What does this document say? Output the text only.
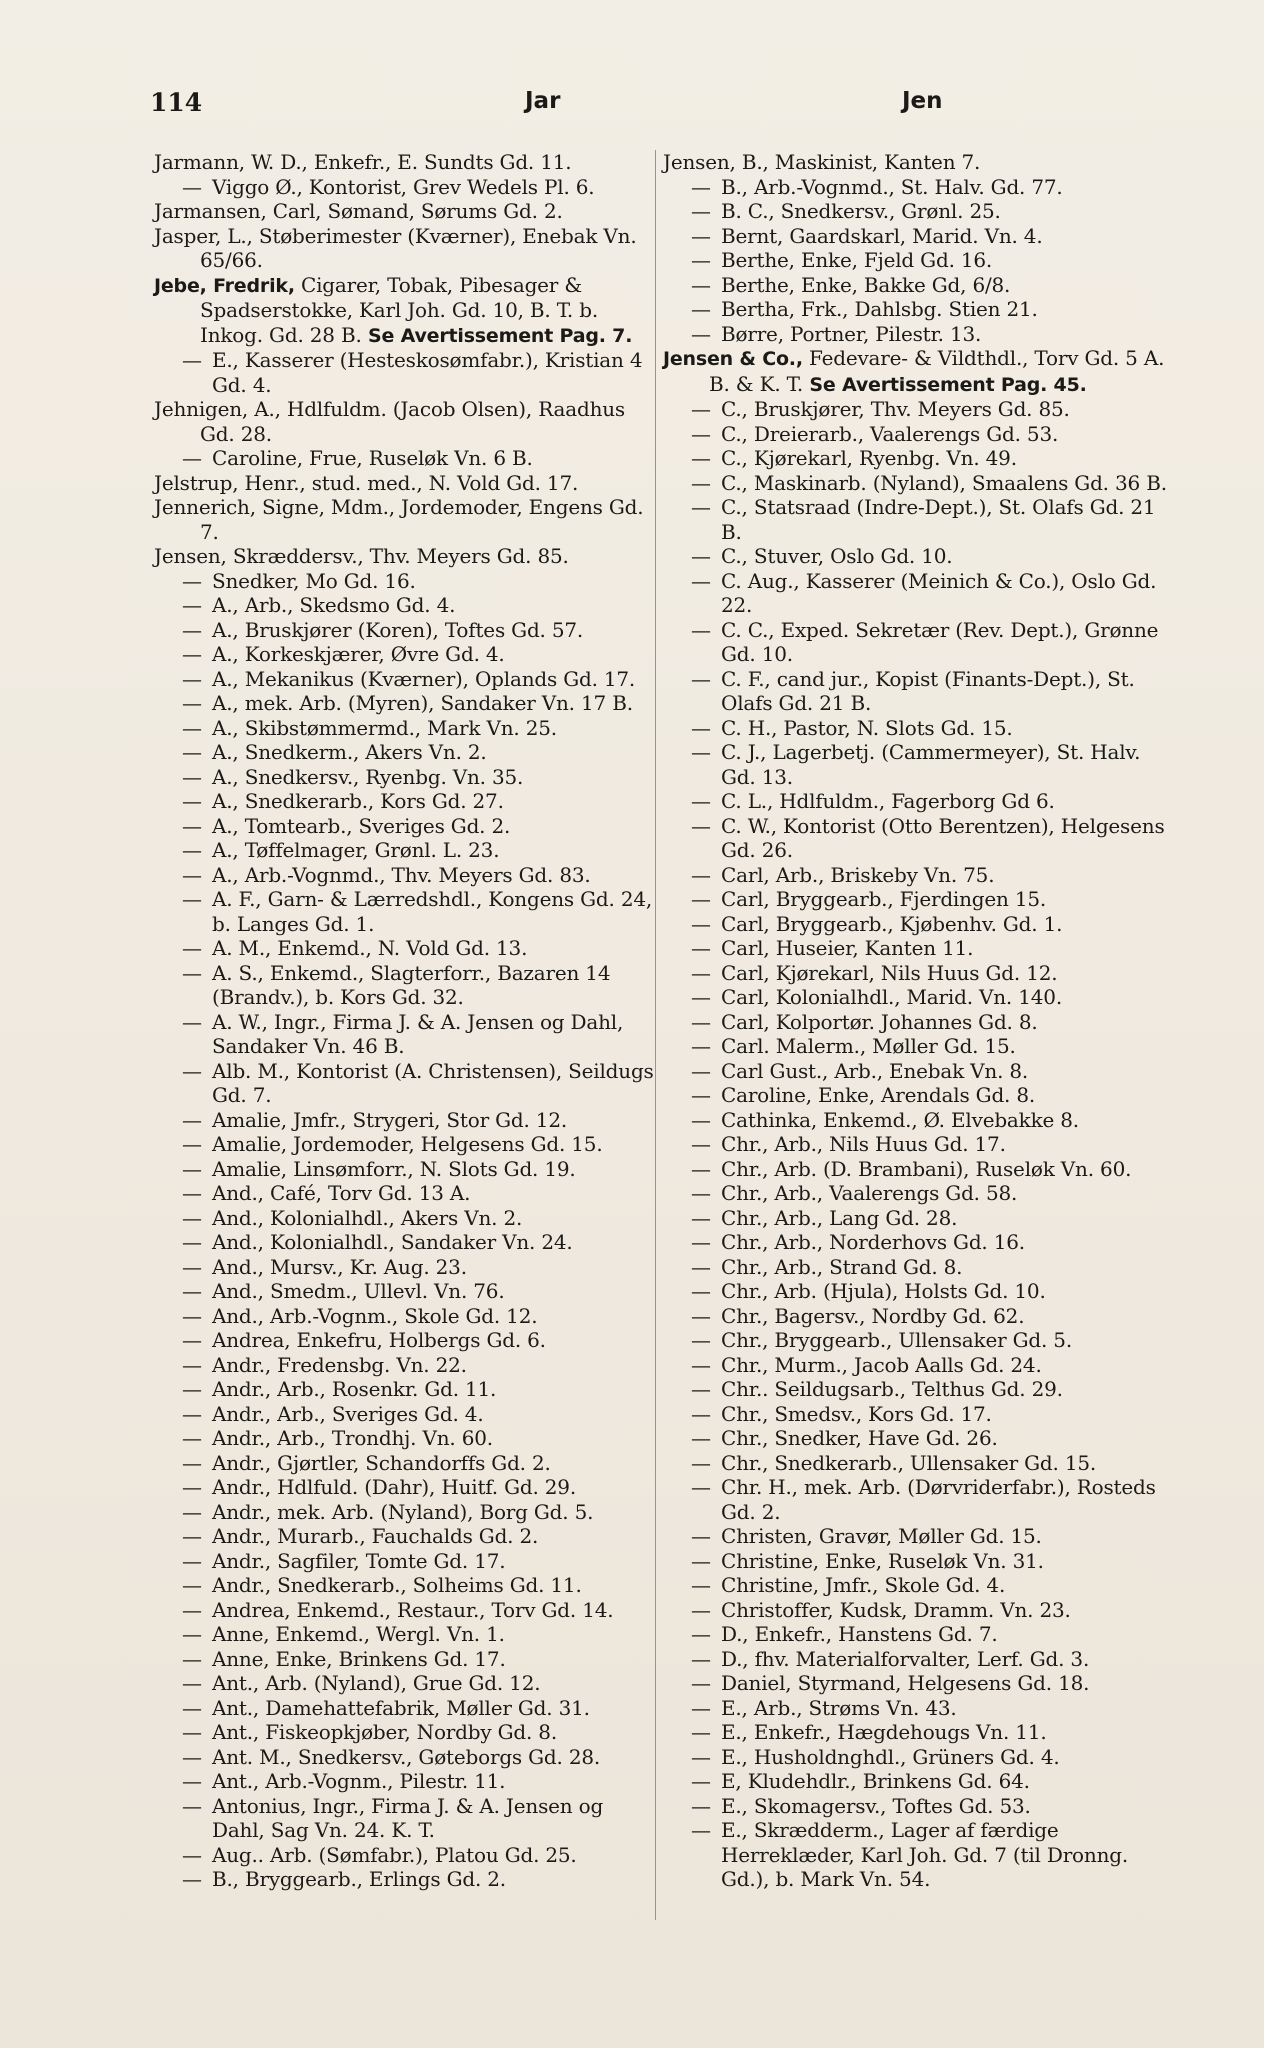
114	Jar	Jen

Jarmann, W. D., Enkefr., E. Sundts Gd. 11.

— Viggo Ø., Kontorist, Grev Wedels Pl. 6.

Jarmansen, Carl, Sømand, Sørums Gd. 2.

Jasper, L., Støberimester (Kværner), Enebak Vn. 65/66.

Jebe, Fredrik, Cigarer, Tobak, Pibesager & Spadserstokke, Karl Joh. Gd. 10, B. T. b. Inkog. Gd. 28 B. Se Avertissement Pag. 7.

— E., Kasserer (Hesteskosømfabr.), Kristian 4 Gd. 4.

Jehnigen, A., Hdlfuldm. (Jacob Olsen), Raadhus Gd. 28.

— Caroline, Frue, Ruseløk Vn. 6 B.

Jelstrup, Henr., stud. med., N. Vold Gd. 17.

Jennerich, Signe, Mdm., Jordemoder, Engens Gd. 7.

Jensen, Skræddersv., Thv. Meyers Gd. 85.

— Snedker, Mo Gd. 16.

— A., Arb., Skedsmo Gd. 4.

— A., Bruskjører (Koren), Toftes Gd. 57.

— A., Korkeskjærer, Øvre Gd. 4.

— A., Mekanikus (Kværner), Oplands Gd. 17.

— A., mek. Arb. (Myren), Sandaker Vn. 17 B.

— A., Skibstømmermd., Mark Vn. 25.

— A., Snedkerm., Akers Vn. 2.

— A., Snedkersv., Ryenbg. Vn. 35.

— A., Snedkerarb., Kors Gd. 27.

— A., Tomtearb., Sveriges Gd. 2.

— A., Tøffelmager, Grønl. L. 23.

— A., Arb.-Vognmd., Thv. Meyers Gd. 83.

— A. F., Garn- & Lærredshdl., Kongens Gd. 24, b. Langes Gd. 1.

— A. M., Enkemd., N. Vold Gd. 13.

— A. S., Enkemd., Slagterforr., Bazaren 14 (Brandv.), b. Kors Gd. 32.

— A. W., Ingr., Firma J. & A. Jensen og Dahl, Sandaker Vn. 46 B.

— Alb. M., Kontorist (A. Christensen), Seildugs Gd. 7.

— Amalie, Jmfr., Strygeri, Stor Gd. 12.

— Amalie, Jordemoder, Helgesens Gd. 15.

— Amalie, Linsømforr., N. Slots Gd. 19.

— And., Café, Torv Gd. 13 A.

— And., Kolonialhdl., Akers Vn. 2.

— And., Kolonialhdl., Sandaker Vn. 24.

— And., Mursv., Kr. Aug. 23.

— And., Smedm., Ullevl. Vn. 76.

— And., Arb.-Vognm., Skole Gd. 12.

— Andrea, Enkefru, Holbergs Gd. 6.

— Andr., Fredensbg. Vn. 22.

— Andr., Arb., Rosenkr. Gd. 11.

— Andr., Arb., Sveriges Gd. 4.

— Andr., Arb., Trondhj. Vn. 60.

— Andr., Gjørtler, Schandorffs Gd. 2.

— Andr., Hdlfuld. (Dahr), Huitf. Gd. 29.

— Andr., mek. Arb. (Nyland), Borg Gd. 5.

— Andr., Murarb., Fauchalds Gd. 2.

— Andr., Sagfiler, Tomte Gd. 17.

— Andr., Snedkerarb., Solheims Gd. 11.

— Andrea, Enkemd., Restaur., Torv Gd. 14.

— Anne, Enkemd., Wergl. Vn. 1.

— Anne, Enke, Brinkens Gd. 17.

— Ant., Arb. (Nyland), Grue Gd. 12.

— Ant., Damehattefabrik, Møller Gd. 31.

— Ant., Fiskeopkjøber, Nordby Gd. 8.

— Ant. M., Snedkersv., Gøteborgs Gd. 28.

— Ant., Arb.-Vognm., Pilestr. 11.

— Antonius, Ingr., Firma J. & A. Jensen og Dahl, Sag Vn. 24. K. T.

— Aug.. Arb. (Sømfabr.), Platou Gd. 25.

— B., Bryggearb., Erlings Gd. 2.

Jensen, B., Maskinist, Kanten 7.

— B., Arb.-Vognmd., St. Halv. Gd. 77.

— B. C., Snedkersv., Grønl. 25.

— Bernt, Gaardskarl, Marid. Vn. 4.

— Berthe, Enke, Fjeld Gd. 16.

— Berthe, Enke, Bakke Gd, 6/8.

— Bertha, Frk., Dahlsbg. Stien 21.

— Børre, Portner, Pilestr. 13.

Jensen & Co., Fedevare- & Vildthdl., Torv Gd. 5 A. B. & K. T. Se Avertissement Pag. 45.

— C., Bruskjører, Thv. Meyers Gd. 85.

— C., Dreierarb., Vaalerengs Gd. 53.

— C., Kjørekarl, Ryenbg. Vn. 49.

— C., Maskinarb. (Nyland), Smaalens Gd. 36 B.

— C., Statsraad (Indre-Dept.), St. Olafs Gd. 21 B.

— C., Stuver, Oslo Gd. 10.

— C. Aug., Kasserer (Meinich & Co.), Oslo Gd. 22.

— C. C., Exped. Sekretær (Rev. Dept.), Grønne Gd. 10.

— C. F., cand jur., Kopist (Finants-Dept.), St. Olafs Gd. 21 B.

— C. H., Pastor, N. Slots Gd. 15.

— C. J., Lagerbetj. (Cammermeyer), St. Halv. Gd. 13.

— C. L., Hdlfuldm., Fagerborg Gd 6.

— C. W., Kontorist (Otto Berentzen), Helgesens Gd. 26.

— Carl, Arb., Briskeby Vn. 75.

— Carl, Bryggearb., Fjerdingen 15.

— Carl, Bryggearb., Kjøbenhv. Gd. 1.

— Carl, Huseier, Kanten 11.

— Carl, Kjørekarl, Nils Huus Gd. 12.

— Carl, Kolonialhdl., Marid. Vn. 140.

— Carl, Kolportør. Johannes Gd. 8.

— Carl. Malerm., Møller Gd. 15.

— Carl Gust., Arb., Enebak Vn. 8.

— Caroline, Enke, Arendals Gd. 8.

— Cathinka, Enkemd., Ø. Elvebakke 8.

— Chr., Arb., Nils Huus Gd. 17.

— Chr., Arb. (D. Brambani), Ruseløk Vn. 60.

— Chr., Arb., Vaalerengs Gd. 58.

— Chr., Arb., Lang Gd. 28.

— Chr., Arb., Norderhovs Gd. 16.

— Chr., Arb., Strand Gd. 8.

— Chr., Arb. (Hjula), Holsts Gd. 10.

— Chr., Bagersv., Nordby Gd. 62.

— Chr., Bryggearb., Ullensaker Gd. 5.

— Chr., Murm., Jacob Aalls Gd. 24.

— Chr.. Seildugsarb., Telthus Gd. 29.

— Chr., Smedsv., Kors Gd. 17.

— Chr., Snedker, Have Gd. 26.

— Chr., Snedkerarb., Ullensaker Gd. 15.

— Chr. H., mek. Arb. (Dørvriderfabr.), Rosteds Gd. 2.

— Christen, Gravør, Møller Gd. 15.

— Christine, Enke, Ruseløk Vn. 31.

— Christine, Jmfr., Skole Gd. 4.

— Christoffer, Kudsk, Dramm. Vn. 23.

— D., Enkefr., Hanstens Gd. 7.

— D., fhv. Materialforvalter, Lerf. Gd. 3.

— Daniel, Styrmand, Helgesens Gd. 18.

— E., Arb., Strøms Vn. 43.

— E., Enkefr., Hægdehougs Vn. 11.

— E., Husholdnghdl., Grüners Gd. 4.

— E, Kludehdlr., Brinkens Gd. 64.

— E., Skomagersv., Toftes Gd. 53.

— E., Skrædderm., Lager af færdige Herreklæder, Karl Joh. Gd. 7 (til Dronng. Gd.), b. Mark Vn. 54.
